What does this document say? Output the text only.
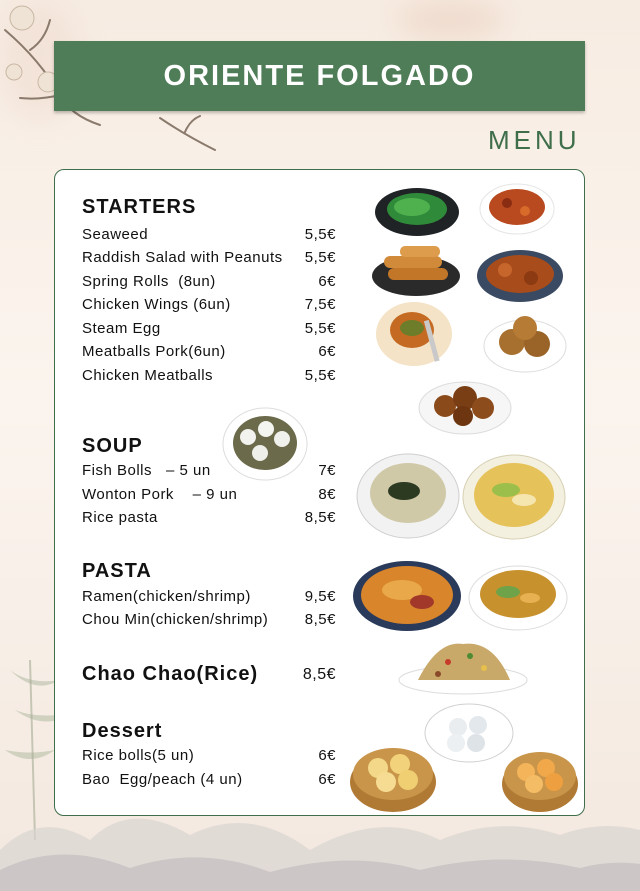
ORIENTE FOLGADO
MENU
STARTERS
Seaweed	5,5€
Raddish Salad with Peanuts 5,5€
Spring Rolls  (8un)	6€
Chicken Wings (6un)	7,5€
Steam Egg	5,5€
Meatballs Pork(6un)	6€
Chicken Meatballs	5,5€
SOUP
Fish Bolls   – 5 un	7€
Wonton Pork    – 9 un	8€
Rice pasta	8,5€
PASTA
Ramen(chicken/shrimp)	9,5€
Chou Min(chicken/shrimp) 8,5€
Chao Chao(Rice)	8,5€
Dessert
Rice bolls(5 un)	6€
Bao  Egg/peach (4 un)	6€
